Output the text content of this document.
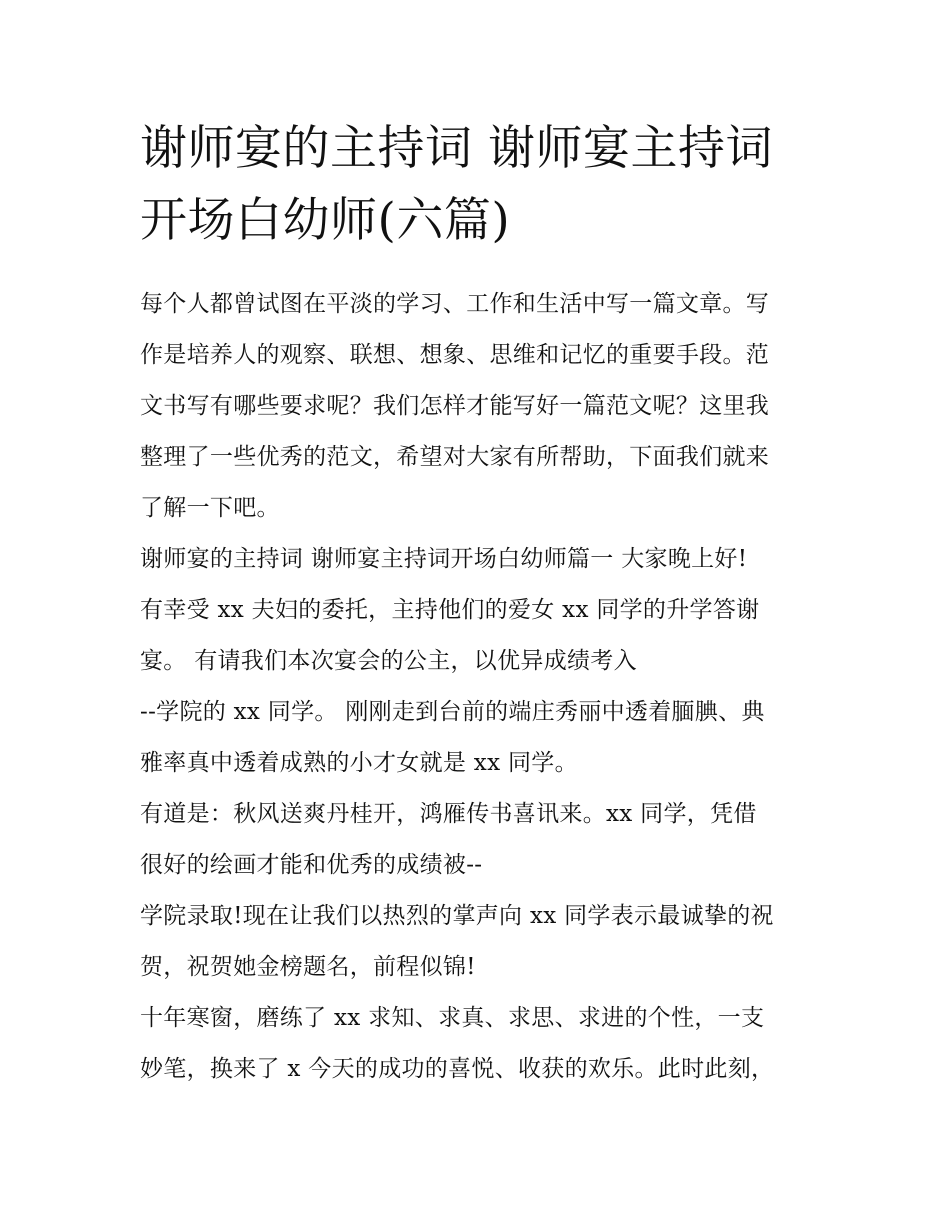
谢师宴的主持词 谢师宴主持词
开场白幼师(六篇)
每个人都曾试图在平淡的学习、工作和生活中写一篇文章。写
作是培养人的观察、联想、想象、思维和记忆的重要手段。范
文书写有哪些要求呢？我们怎样才能写好一篇范文呢？这里我
整理了一些优秀的范文，希望对大家有所帮助，下面我们就来
了解一下吧。
谢师宴的主持词 谢师宴主持词开场白幼师篇一 大家晚上好!
有幸受 xx 夫妇的委托，主持他们的爱女 xx 同学的升学答谢
宴。 有请我们本次宴会的公主，以优异成绩考入
--学院的 xx 同学。 刚刚走到台前的端庄秀丽中透着腼腆、典
雅率真中透着成熟的小才女就是 xx 同学。
有道是：秋风送爽丹桂开，鸿雁传书喜讯来。xx 同学，凭借
很好的绘画才能和优秀的成绩被--
学院录取!现在让我们以热烈的掌声向 xx 同学表示最诚挚的祝
贺，祝贺她金榜题名，前程似锦!
十年寒窗，磨练了 xx 求知、求真、求思、求进的个性，一支
妙笔，换来了 x 今天的成功的喜悦、收获的欢乐。此时此刻，
